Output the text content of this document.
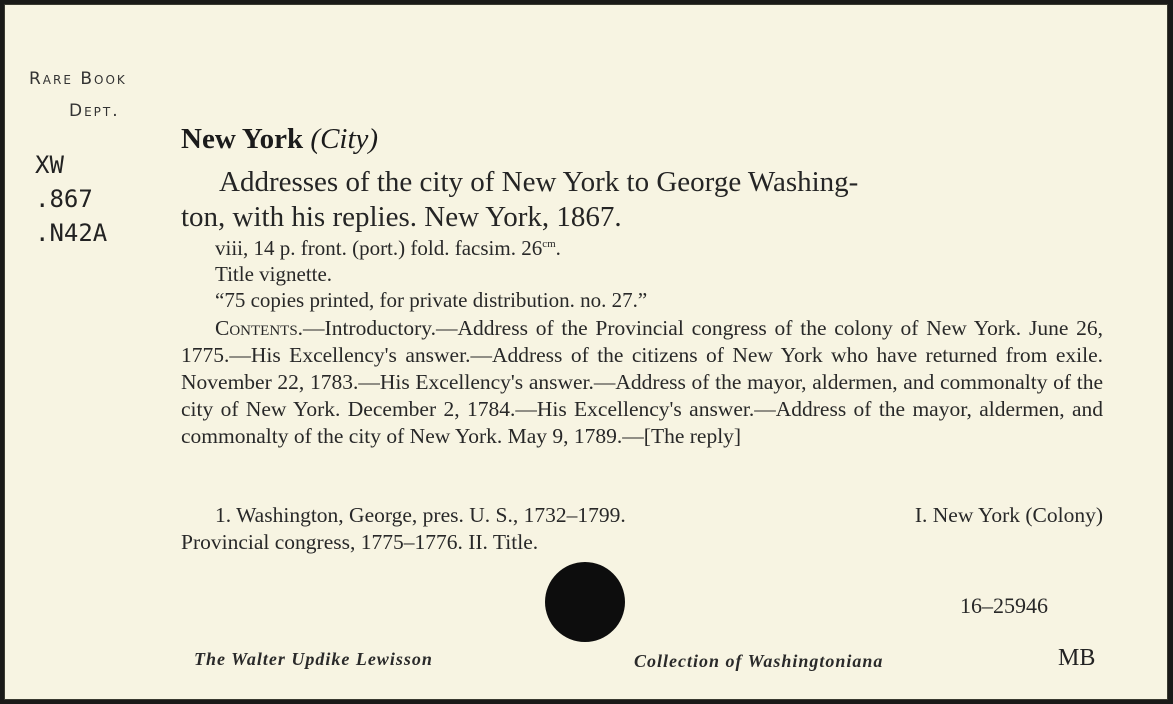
Rare Book
Dept.
XW
.867
.N42A
New York (City)
Addresses of the city of New York to George Washing-
ton, with his replies. New York, 1867.
viii, 14 p. front. (port.) fold. facsim. $26^{cm}$.
Title vignette.
“75 copies printed, for private distribution. no. 27.”
Contents.—Introductory.—Address of the Provincial congress of the colony of New York. June 26, 1775.—His Excellency's answer.—Address of the citizens of New York who have returned from exile. November 22, 1783.—His Excellency's answer.—Address of the mayor, aldermen, and commonalty of the city of New York. December 2, 1784.—His Excellency's answer.—Address of the mayor, aldermen, and commonalty of the city of New York. May 9, 1789.—[The reply]
1. Washington, George, pres. U. S., 1732–1799.	I. New York (Colony)
Provincial congress, 1775–1776. II. Title.
16–25946
The Walter Updike Lewisson	Collection of Washingtoniana	MB
